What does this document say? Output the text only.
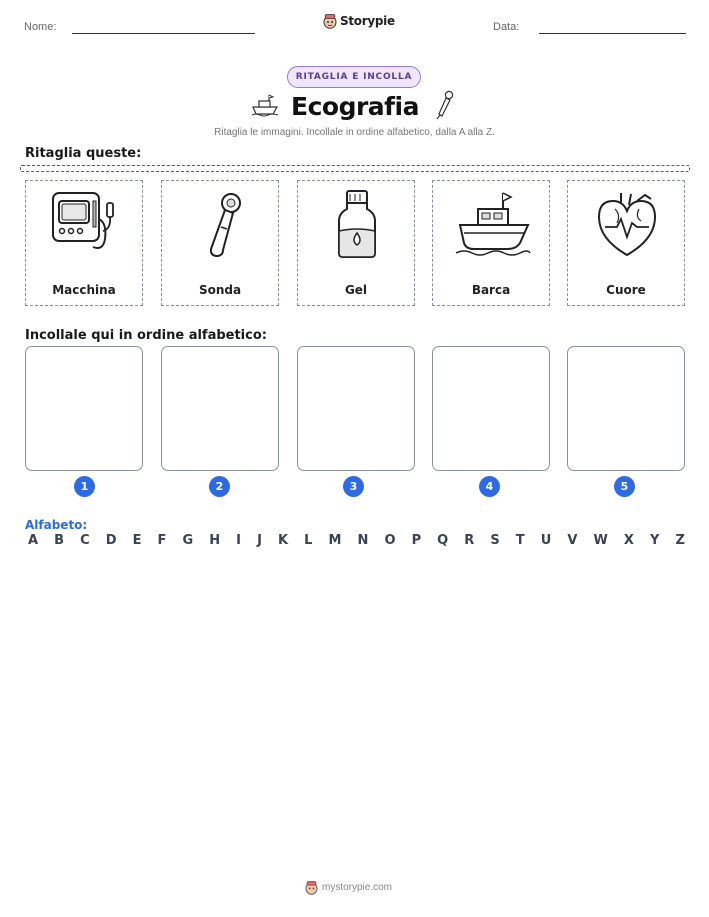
Nome:	Storypie	Data:
RITAGLIA E INCOLLA
Ecografia
Ritaglia le immagini. Incollale in ordine alfabetico, dalla A alla Z.
Ritaglia queste:
Macchina	Sonda	Gel	Barca	Cuore
Incollale qui in ordine alfabetico:
1	2	3	4	5
Alfabeto:
A B C D E F G H I J K L M N O P Q R S T U V W X Y Z
mystorypie.com
